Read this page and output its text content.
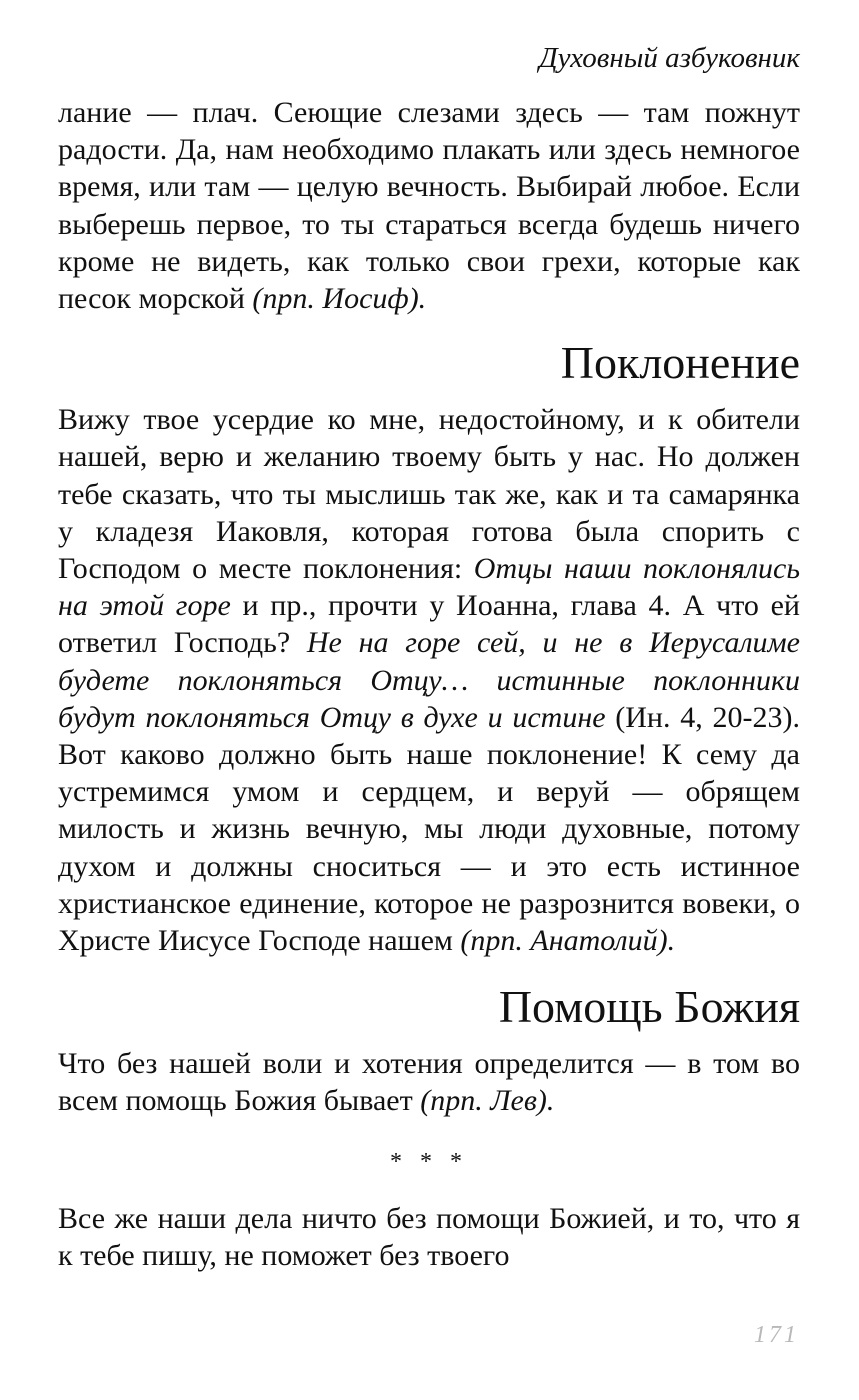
Духовный азбуковник

лание — плач. Сеющие слезами здесь — там пожнут радости. Да, нам необходимо плакать или здесь немногое время, или там — целую вечность. Выбирай любое. Если выберешь первое, то ты стараться всегда будешь ничего кроме не видеть, как только свои грехи, которые как песок морской (прп. Иосиф).

Поклонение

Вижу твое усердие ко мне, недостойному, и к обители нашей, верю и желанию твоему быть у нас. Но должен тебе сказать, что ты мыслишь так же, как и та самарянка у кладезя Иаковля, которая готова была спорить с Господом о месте поклонения: Отцы наши поклонялись на этой горе и пр., прочти у Иоанна, глава 4. А что ей ответил Господь? Не на горе сей, и не в Иерусалиме будете поклоняться Отцу… истинные поклонники будут поклоняться Отцу в духе и истине (Ин. 4, 20-23). Вот каково должно быть наше поклонение! К сему да устремимся умом и сердцем, и веруй — обрящем милость и жизнь вечную, мы люди духовные, потому духом и должны сноситься — и это есть истинное христианское единение, которое не разрознится вовеки, о Христе Иисусе Господе нашем (прп. Анатолий).

Помощь Божия

Что без нашей воли и хотения определится — в том во всем помощь Божия бывает (прп. Лев).

* * *

Все же наши дела ничто без помощи Божией, и то, что я к тебе пишу, не поможет без твоего

171
